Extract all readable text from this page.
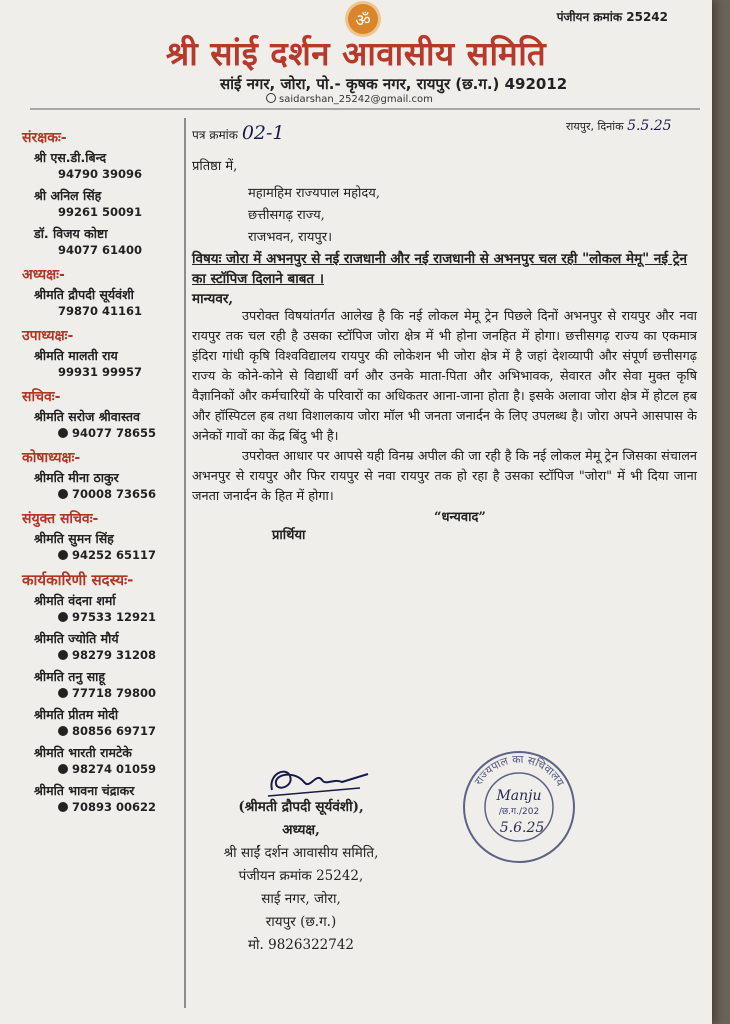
ॐ	पंजीयन क्रमांक 25242
श्री सांई दर्शन आवासीय समिति
सांई नगर, जोरा, पो.- कृषक नगर, रायपुर (छ.ग.) 492012
saidarshan_25242@gmail.com
संरक्षकः-
श्री एस.डी.बिन्द
94790 39096
श्री अनिल सिंह
99261 50091
डॉ. विजय कोष्टा
94077 61400
अध्यक्षः-
श्रीमति द्रौपदी सूर्यवंशी
79870 41161
उपाध्यक्षः-
श्रीमति मालती राय
99931 99957
सचिवः-
श्रीमति सरोज श्रीवास्तव
94077 78655
कोषाध्यक्षः-
श्रीमति मीना ठाकुर
70008 73656
संयुक्त सचिवः-
श्रीमति सुमन सिंह
94252 65117
कार्यकारिणी सदस्यः-
श्रीमति वंदना शर्मा
97533 12921
श्रीमति ज्योति मौर्य
98279 31208
श्रीमति तनु साहू
77718 79800
श्रीमति प्रीतम मोदी
80856 69717
श्रीमति भारती रामटेके
98274 01059
श्रीमति भावना चंद्राकर
70893 00622
पत्र क्रमांक 02-1	रायपुर, दिनांक 5.5.25

प्रतिष्ठा में,

महामहिम राज्यपाल महोदय,
छत्तीसगढ़ राज्य,
राजभवन, रायपुर।

विषयः जोरा में अभनपुर से नई राजधानी और नई राजधानी से अभनपुर चल रही "लोकल मेमू" नई ट्रेन का स्टॉपिज दिलाने बाबत ।

मान्यवर,

उपरोक्त विषयांतर्गत आलेख है कि नई लोकल मेमू ट्रेन पिछले दिनों अभनपुर से रायपुर और नवा रायपुर तक चल रही है उसका स्टॉपिज जोरा क्षेत्र में भी होना जनहित में होगा। छत्तीसगढ़ राज्य का एकमात्र इंदिरा गांधी कृषि विश्वविद्यालय रायपुर की लोकेशन भी जोरा क्षेत्र में है जहां देशव्यापी और संपूर्ण छत्तीसगढ़ राज्य के कोने-कोने से विद्यार्थी वर्ग और उनके माता-पिता और अभिभावक, सेवारत और सेवा मुक्त कृषि वैज्ञानिकों और कर्मचारियों के परिवारों का अधिकतर आना-जाना होता है। इसके अलावा जोरा क्षेत्र में होटल हब और हॉस्पिटल हब तथा विशालकाय जोरा मॉल भी जनता जनार्दन के लिए उपलब्ध है। जोरा अपने आसपास के अनेकों गावों का केंद्र बिंदु भी है।

उपरोक्त आधार पर आपसे यही विनम्र अपील की जा रही है कि नई लोकल मेमू ट्रेन जिसका संचालन अभनपुर से रायपुर और फिर रायपुर से नवा रायपुर तक हो रहा है उसका स्टॉपिज "जोरा" में भी दिया जाना जनता जनार्दन के हित में होगा।

“धन्यवाद”

प्रार्थिया

(श्रीमती द्रौपदी सूर्यवंशी),
अध्यक्ष,
श्री साईं दर्शन आवासीय समिति,
पंजीयन क्रमांक 25242,
साई नगर, जोरा,
रायपुर (छ.ग.)
मो. 9826322742
राज्यपाल का सचिवालय
Manju
/छ.ग./202
5.6.25
